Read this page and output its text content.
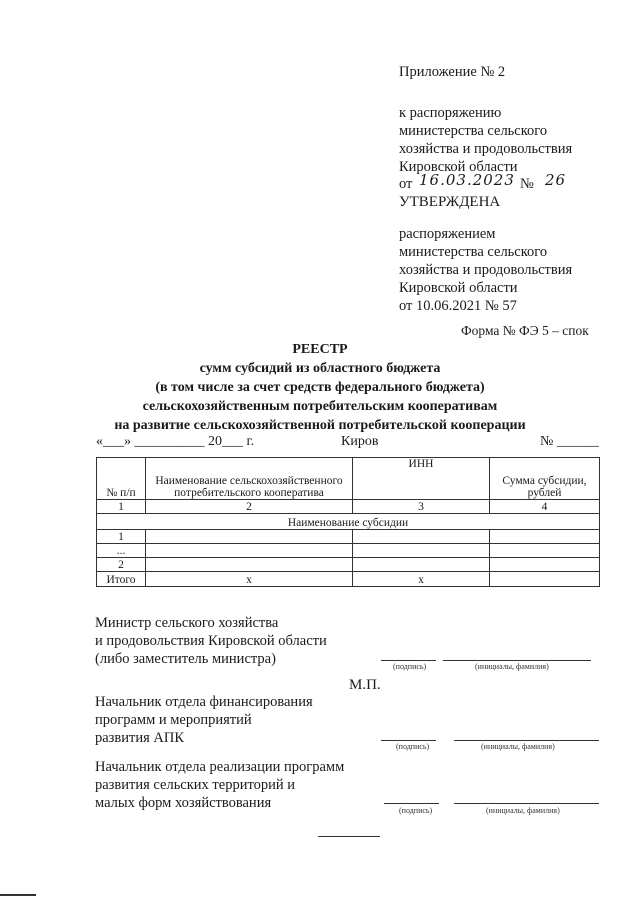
Приложение № 2
к распоряжению
министерства сельского
хозяйства и продовольствия
Кировской области
от 16.03.2023 № 26
УТВЕРЖДЕНА
распоряжением
министерства сельского
хозяйства и продовольствия
Кировской области
от 10.06.2021 № 57
Форма № ФЭ 5 – спок
РЕЕСТР
сумм субсидий из областного бюджета
(в том числе за счет средств федерального бюджета)
сельскохозяйственным потребительским кооперативам
на развитие сельскохозяйственной потребительской кооперации
«___» __________ 20___ г.	Киров	№ ______
№ п/п	Наименование сельскохозяйственного потребительского кооператива	ИНН	Сумма субсидии, рублей
1	2	3	4
Наименование субсидии			
1			
...			
2			
Итого	х	х	
Министр сельского хозяйства
и продовольствия Кировской области
(либо заместитель министра)	(подпись)	(инициалы, фамилия)
М.П.
Начальник отдела финансирования
программ и мероприятий
развития АПК
(подпись)	(инициалы, фамилия)
Начальник отдела реализации программ
развития сельских территорий и
малых форм хозяйствования	(подпись)	(инициалы, фамилия)
